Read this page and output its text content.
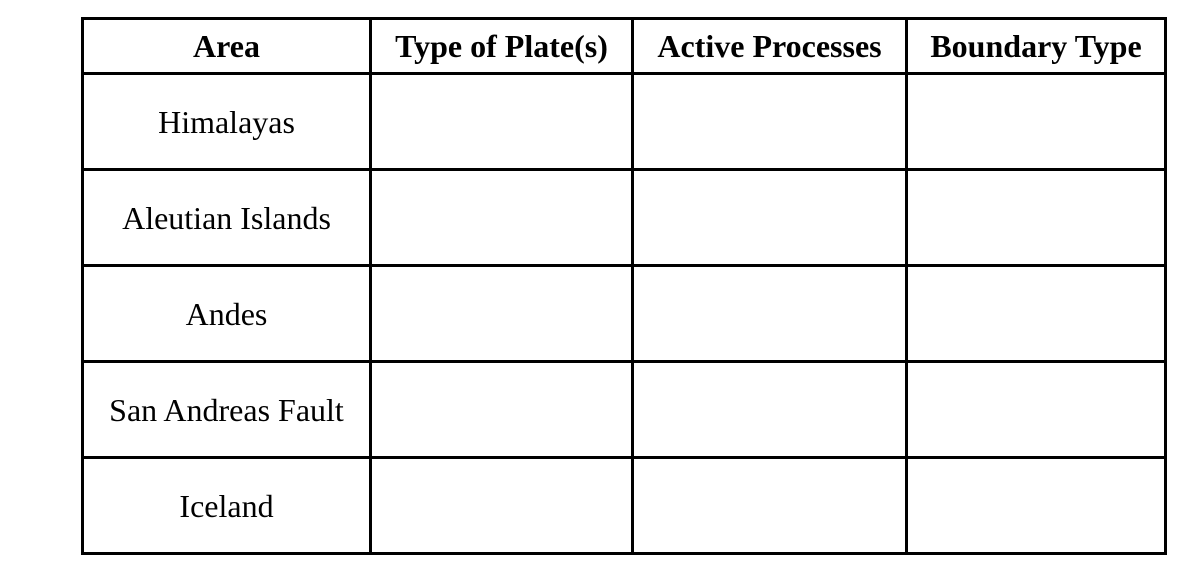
Area	Type of Plate(s)	Active Processes	Boundary Type
Himalayas			
Aleutian Islands			
Andes			
San Andreas Fault			
Iceland			
